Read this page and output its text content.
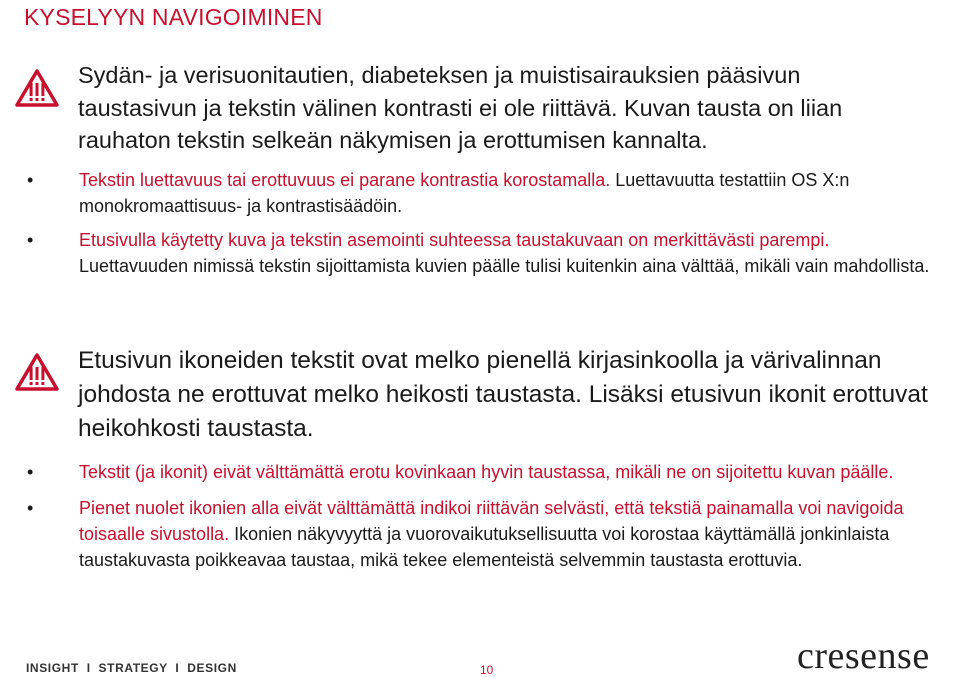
KYSELYYN NAVIGOIMINEN

Sydän- ja verisuonitautien, diabeteksen ja muistisairauksien pääsivun taustasivun ja tekstin välinen kontrasti ei ole riittävä. Kuvan tausta on liian rauhaton tekstin selkeän näkymisen ja erottumisen kannalta.

•	Tekstin luettavuus tai erottuvuus ei parane kontrastia korostamalla. Luettavuutta testattiin OS X:n monokromaattisuus- ja kontrastisäädöin.
•	Etusivulla käytetty kuva ja tekstin asemointi suhteessa taustakuvaan on merkittävästi parempi. Luettavuuden nimissä tekstin sijoittamista kuvien päälle tulisi kuitenkin aina välttää, mikäli vain mahdollista.

Etusivun ikoneiden tekstit ovat melko pienellä kirjasinkoolla ja värivalinnan johdosta ne erottuvat melko heikosti taustasta. Lisäksi etusivun ikonit erottuvat heikohkosti taustasta.

•	Tekstit (ja ikonit) eivät välttämättä erotu kovinkaan hyvin taustassa, mikäli ne on sijoitettu kuvan päälle.
•	Pienet nuolet ikonien alla eivät välttämättä indikoi riittävän selvästi, että tekstiä painamalla voi navigoida toisaalle sivustolla. Ikonien näkyvyyttä ja vuorovaikutuksellisuutta voi korostaa käyttämällä jonkinlaista taustakuvasta poikkeavaa taustaa, mikä tekee elementeistä selvemmin taustasta erottuvia.
INSIGHT  I  STRATEGY  I  DESIGN	10	cresense
